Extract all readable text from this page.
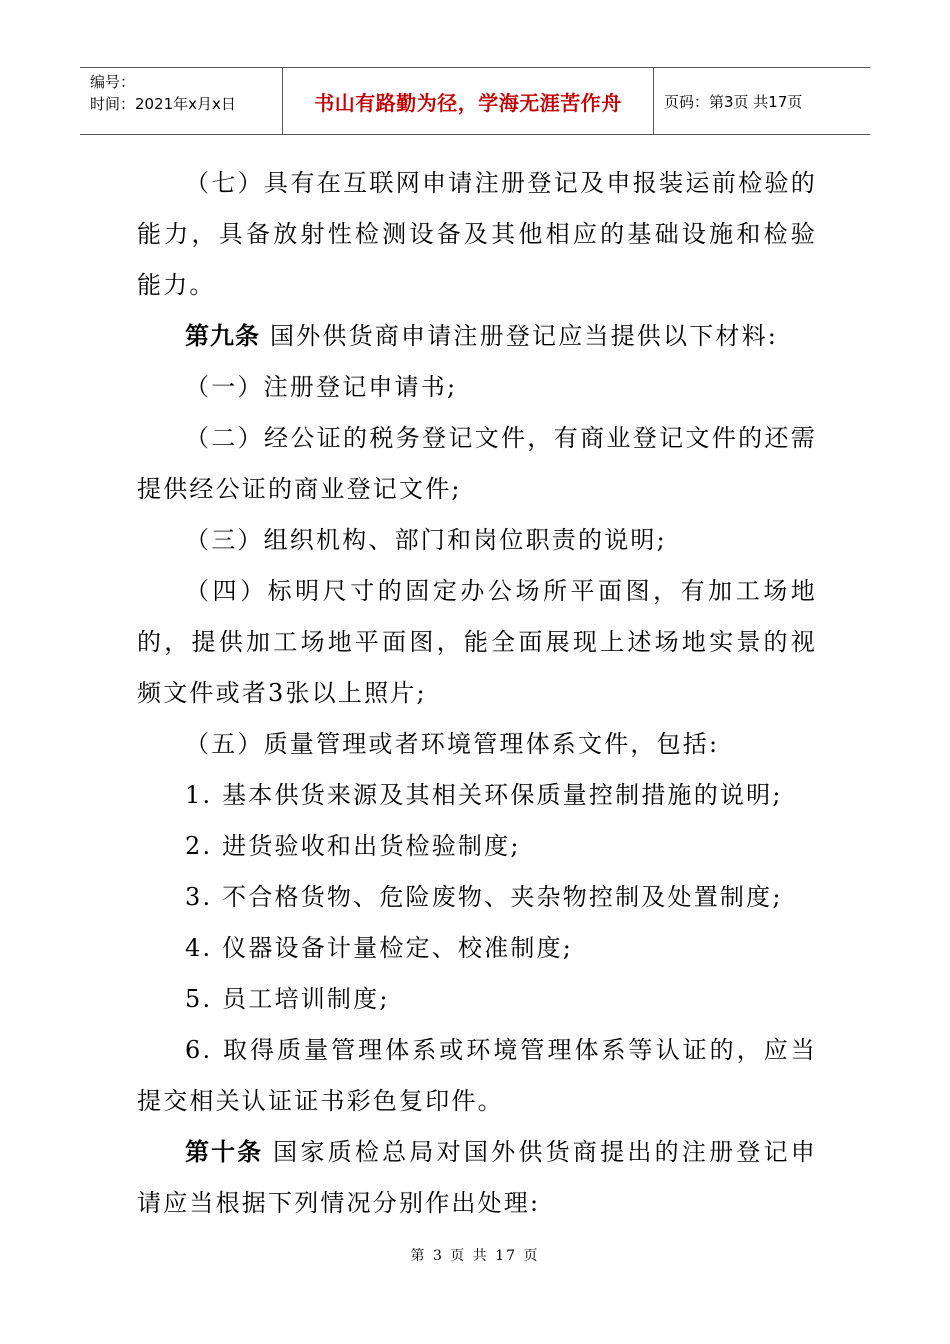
编号：
时间：2021年x月x日	书山有路勤为径，学海无涯苦作舟	页码：第3页 共17页

（七）具有在互联网申请注册登记及申报装运前检验的能力，具备放射性检测设备及其他相应的基础设施和检验能力。

第九条 国外供货商申请注册登记应当提供以下材料:

（一）注册登记申请书;

（二）经公证的税务登记文件，有商业登记文件的还需提供经公证的商业登记文件;

（三）组织机构、部门和岗位职责的说明;

（四）标明尺寸的固定办公场所平面图，有加工场地的，提供加工场地平面图，能全面展现上述场地实景的视频文件或者3张以上照片;

（五）质量管理或者环境管理体系文件，包括:

1. 基本供货来源及其相关环保质量控制措施的说明;

2. 进货验收和出货检验制度;

3. 不合格货物、危险废物、夹杂物控制及处置制度;

4. 仪器设备计量检定、校准制度;

5. 员工培训制度;

6. 取得质量管理体系或环境管理体系等认证的，应当提交相关认证证书彩色复印件。

第十条 国家质检总局对国外供货商提出的注册登记申请应当根据下列情况分别作出处理:

第 3 页 共 17 页
